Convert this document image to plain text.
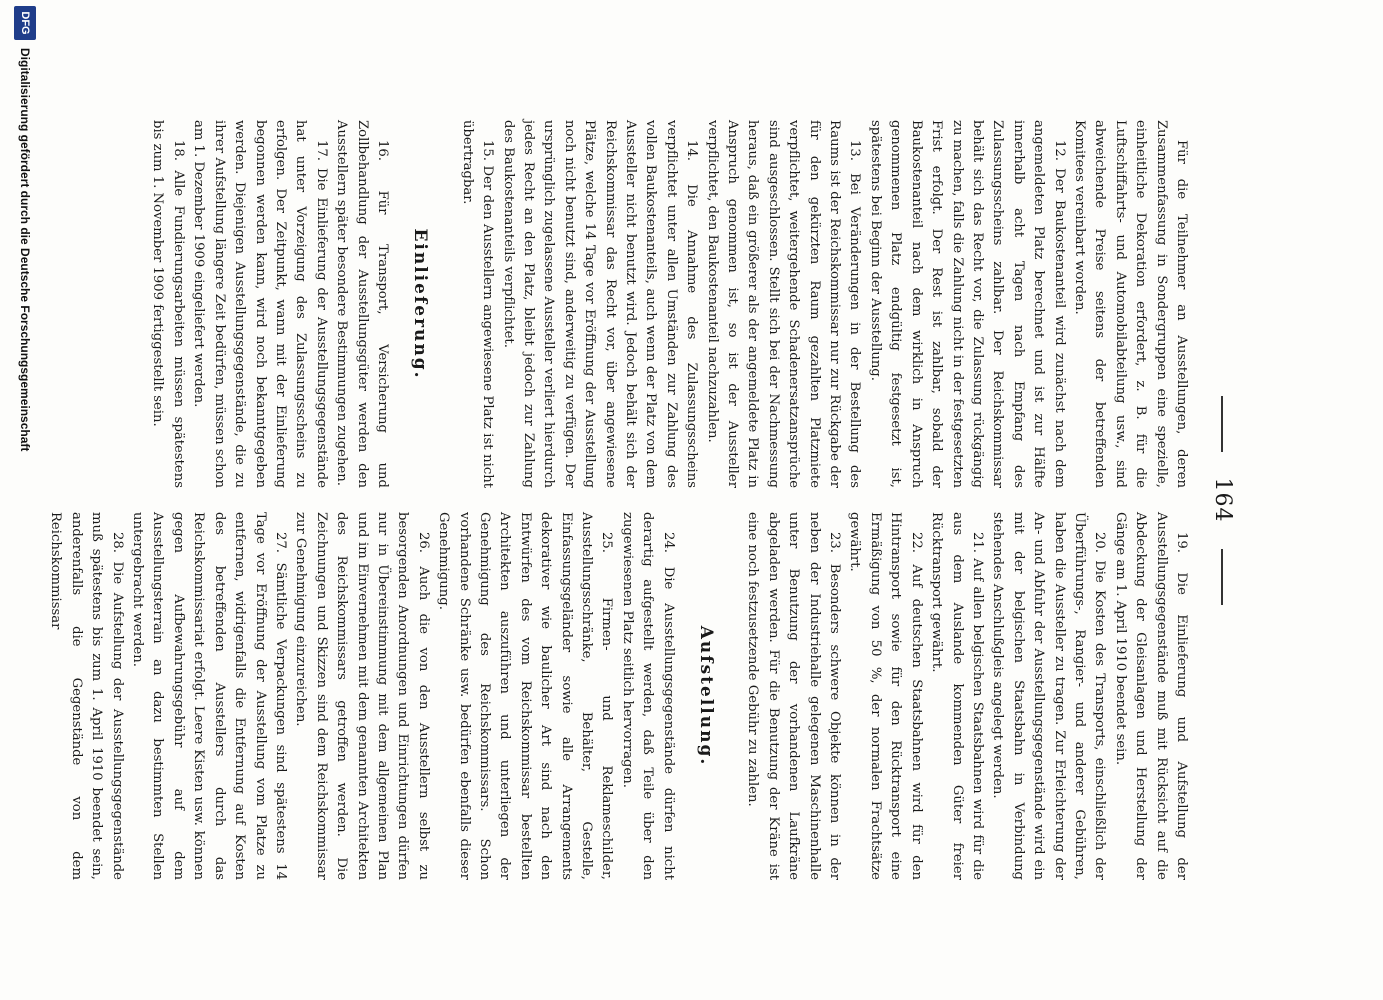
164

Für die Teilnehmer an Ausstellungen, deren Zusammenfassung in Sondergruppen eine spezielle, einheitliche Dekoration erfordert, z. B. für die Luftschiffahrts- und Automobilabteilung usw., sind abweichende Preise seitens der betreffenden Komitees vereinbart worden.

12. Der Baukostenanteil wird zunächst nach dem angemeldeten Platz berechnet und ist zur Hälfte innerhalb acht Tagen nach Empfang des Zulassungsscheins zahlbar. Der Reichskommissar behält sich das Recht vor, die Zulassung rückgängig zu machen, falls die Zahlung nicht in der festgesetzten Frist erfolgt. Der Rest ist zahlbar, sobald der Baukostenanteil nach dem wirklich in Anspruch genommenen Platz endgültig festgesetzt ist, spätestens bei Beginn der Ausstellung.

13. Bei Veränderungen in der Bestellung des Raums ist der Reichskommissar nur zur Rückgabe der für den gekürzten Raum gezahlten Platzmiete verpflichtet, weitergehende Schadenersatzansprüche sind ausgeschlossen. Stellt sich bei der Nachmessung heraus, daß ein größerer als der angemeldete Platz in Anspruch genommen ist, so ist der Aussteller verpflichtet, den Baukostenanteil nachzuzahlen.

14. Die Annahme des Zulassungsscheins verpflichtet unter allen Umständen zur Zahlung des vollen Baukostenanteils, auch wenn der Platz von dem Aussteller nicht benutzt wird. Jedoch behält sich der Reichskommissar das Recht vor, über angewiesene Plätze, welche 14 Tage vor Eröffnung der Ausstellung noch nicht benutzt sind, anderweitig zu verfügen. Der ursprünglich zugelassene Aussteller verliert hierdurch jedes Recht an den Platz, bleibt jedoch zur Zahlung des Baukostenanteils verpflichtet.

15. Der den Ausstellern angewiesene Platz ist nicht übertragbar.

Einlieferung.

16. Für Transport, Versicherung und Zollbehandlung der Ausstellungsgüter werden den Ausstellern später besondere Bestimmungen zugehen.

17. Die Einlieferung der Ausstellungsgegenstände hat unter Vorzeigung des Zulassungsscheins zu erfolgen. Der Zeitpunkt, wann mit der Einlieferung begonnen werden kann, wird noch bekanntgegeben werden. Diejenigen Ausstellungsgegenstände, die zu ihrer Aufstellung längere Zeit bedürfen, müssen schon am 1. Dezember 1909 eingeliefert werden.

18. Alle Fundierungsarbeiten müssen spätestens bis zum 1. November 1909 fertiggestellt sein.

19. Die Einlieferung und Aufstellung der Ausstellungsgegenstände muß mit Rücksicht auf die Abdeckung der Gleisanlagen und Herstellung der Gänge am 1. April 1910 beendet sein.

20. Die Kosten des Transports, einschließlich der Überführungs-, Rangier- und anderer Gebühren, haben die Aussteller zu tragen. Zur Erleichterung der An- und Abfuhr der Ausstellungsgegenstände wird ein mit der belgischen Staatsbahn in Verbindung stehendes Anschlußgleis angelegt werden.

21. Auf allen belgischen Staatsbahnen wird für die aus dem Auslande kommenden Güter freier Rücktransport gewährt.

22. Auf deutschen Staatsbahnen wird für den Hintransport sowie für den Rücktransport eine Ermäßigung von 50 %, der normalen Frachtsätze gewährt.

23. Besonders schwere Objekte können in der neben der Industriehalle gelegenen Maschinenhalle unter Benutzung der vorhandenen Laufkräne abgeladen werden. Für die Benutzung der Kräne ist eine noch festzusetzende Gebühr zu zahlen.

Aufstellung.

24. Die Ausstellungsgegenstände dürfen nicht derartig aufgestellt werden, daß Teile über den zugewiesenen Platz seitlich hervorragen.

25. Firmen- und Reklameschilder, Ausstellungsschränke, Behälter, Gestelle, Einfassungsgeländer sowie alle Arrangements dekorativer wie baulicher Art sind nach den Entwürfen des vom Reichskommissar bestellten Architekten auszuführen und unterliegen der Genehmigung des Reichskommissars. Schon vorhandene Schränke usw. bedürfen ebenfalls dieser Genehmigung.

26. Auch die von den Ausstellern selbst zu besorgenden Anordnungen und Einrichtungen dürfen nur in Übereinstimmung mit dem allgemeinen Plan und im Einvernehmen mit dem genannten Architekten des Reichskommissars getroffen werden. Die Zeichnungen und Skizzen sind dem Reichskommissar zur Genehmigung einzureichen.

27. Sämtliche Verpackungen sind spätestens 14 Tage vor Eröffnung der Ausstellung vom Platze zu entfernen, widrigenfalls die Entfernung auf Kosten des betreffenden Ausstellers durch das Reichskommissariat erfolgt. Leere Kisten usw. können gegen Aufbewahrungsgebühr auf dem Ausstellungsterrain an dazu bestimmten Stellen untergebracht werden.

28. Die Aufstellung der Ausstellungsgegenstände muß spätestens bis zum 1. April 1910 beendet sein, anderenfalls die Gegenstände von dem Reichskommissar

DFG
Digitalisierung gefördert durch die Deutsche Forschungsgemeinschaft
